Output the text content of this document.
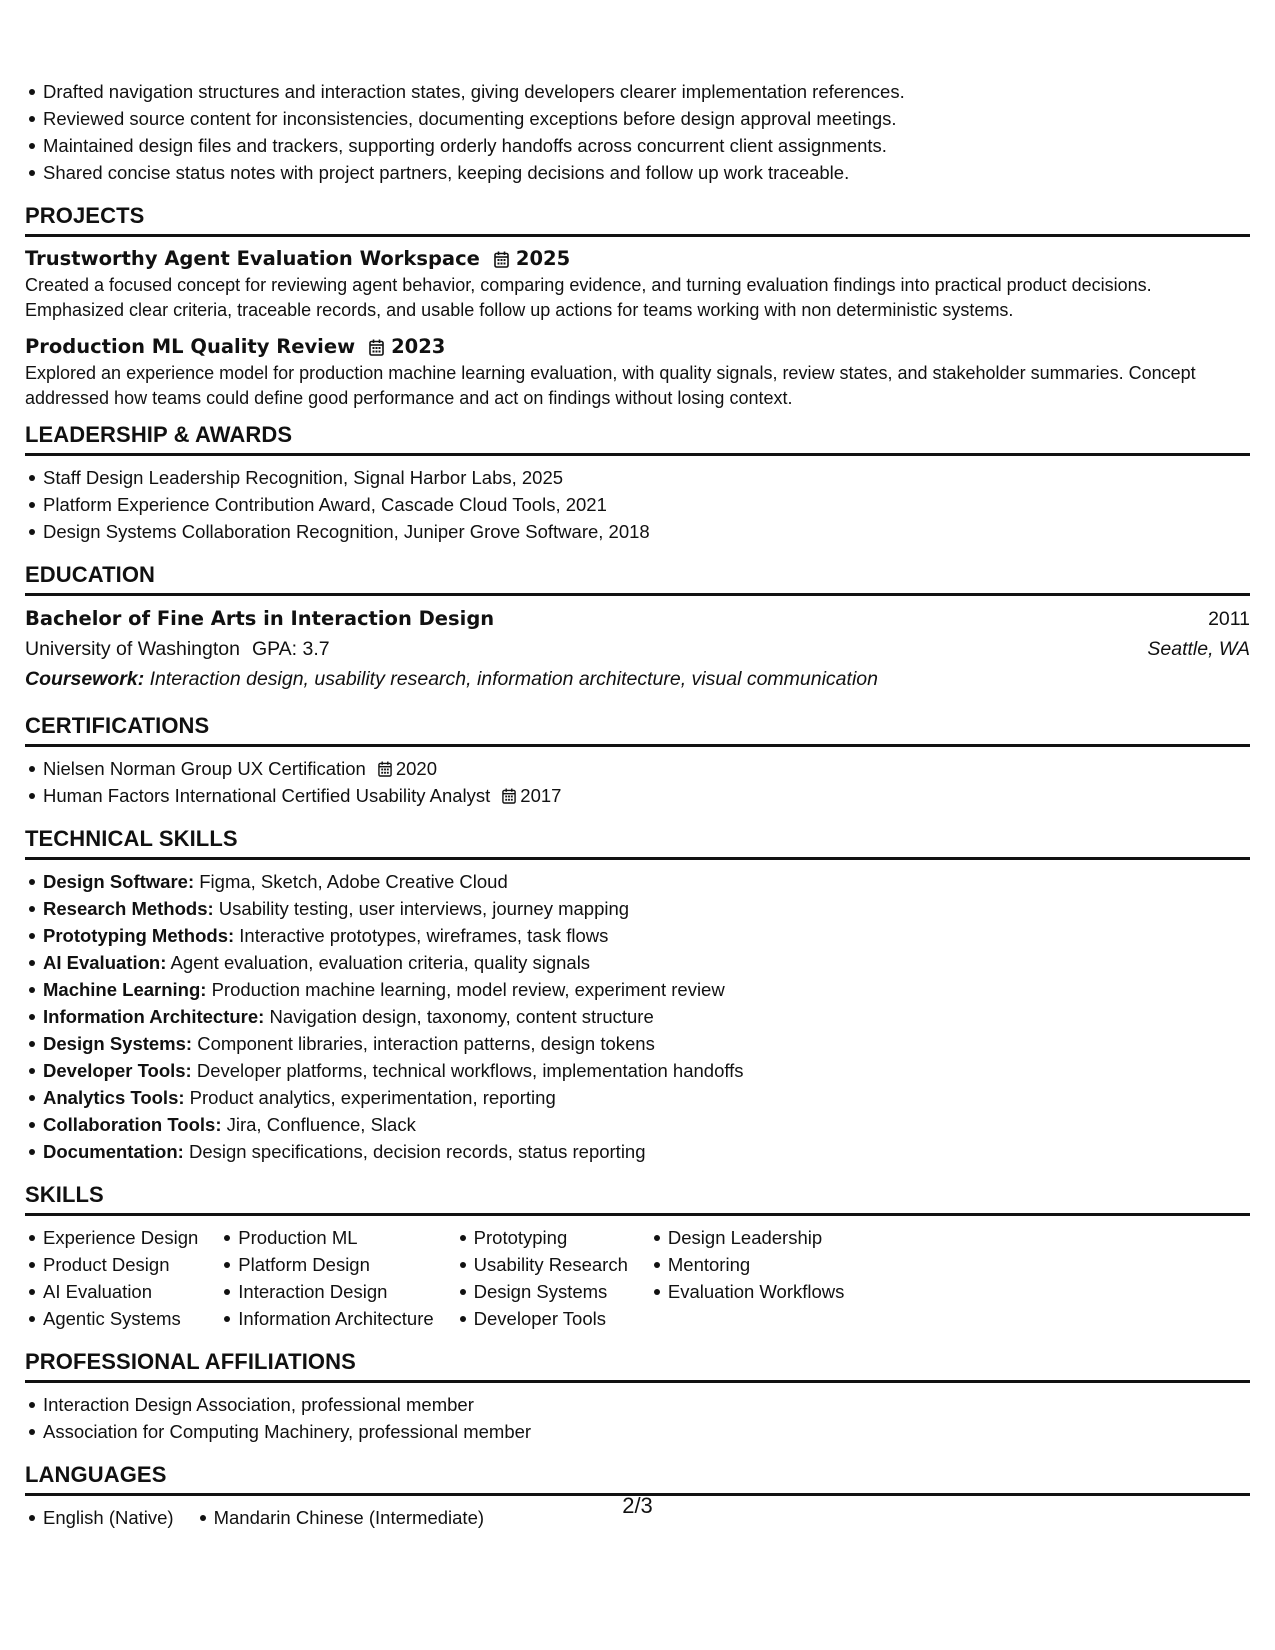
Drafted navigation structures and interaction states, giving developers clearer implementation references.
Reviewed source content for inconsistencies, documenting exceptions before design approval meetings.
Maintained design files and trackers, supporting orderly handoffs across concurrent client assignments.
Shared concise status notes with project partners, keeping decisions and follow up work traceable.
PROJECTS
Trustworthy Agent Evaluation Workspace 2025

Created a focused concept for reviewing agent behavior, comparing evidence, and turning evaluation findings into practical product decisions. Emphasized clear criteria, traceable records, and usable follow up actions for teams working with non deterministic systems.

Production ML Quality Review 2023

Explored an experience model for production machine learning evaluation, with quality signals, review states, and stakeholder summaries. Concept addressed how teams could define good performance and act on findings without losing context.

LEADERSHIP & AWARDS
Staff Design Leadership Recognition, Signal Harbor Labs, 2025
Platform Experience Contribution Award, Cascade Cloud Tools, 2021
Design Systems Collaboration Recognition, Juniper Grove Software, 2018
EDUCATION
Bachelor of Fine Arts in Interaction Design	2011
University of Washington GPA: 3.7	Seattle, WA
Coursework: Interaction design, usability research, information architecture, visual communication
CERTIFICATIONS
Nielsen Norman Group UX Certification 2020
Human Factors International Certified Usability Analyst 2017
TECHNICAL SKILLS
Design Software: Figma, Sketch, Adobe Creative Cloud
Research Methods: Usability testing, user interviews, journey mapping
Prototyping Methods: Interactive prototypes, wireframes, task flows
AI Evaluation: Agent evaluation, evaluation criteria, quality signals
Machine Learning: Production machine learning, model review, experiment review
Information Architecture: Navigation design, taxonomy, content structure
Design Systems: Component libraries, interaction patterns, design tokens
Developer Tools: Developer platforms, technical workflows, implementation handoffs
Analytics Tools: Product analytics, experimentation, reporting
Collaboration Tools: Jira, Confluence, Slack
Documentation: Design specifications, decision records, status reporting
SKILLS
Experience Design
Product Design
AI Evaluation
Agentic Systems
Production ML
Platform Design
Interaction Design
Information Architecture
Prototyping
Usability Research
Design Systems
Developer Tools
Design Leadership
Mentoring
Evaluation Workflows
PROFESSIONAL AFFILIATIONS
Interaction Design Association, professional member
Association for Computing Machinery, professional member
LANGUAGES
English (Native)	Mandarin Chinese (Intermediate)	2/3
